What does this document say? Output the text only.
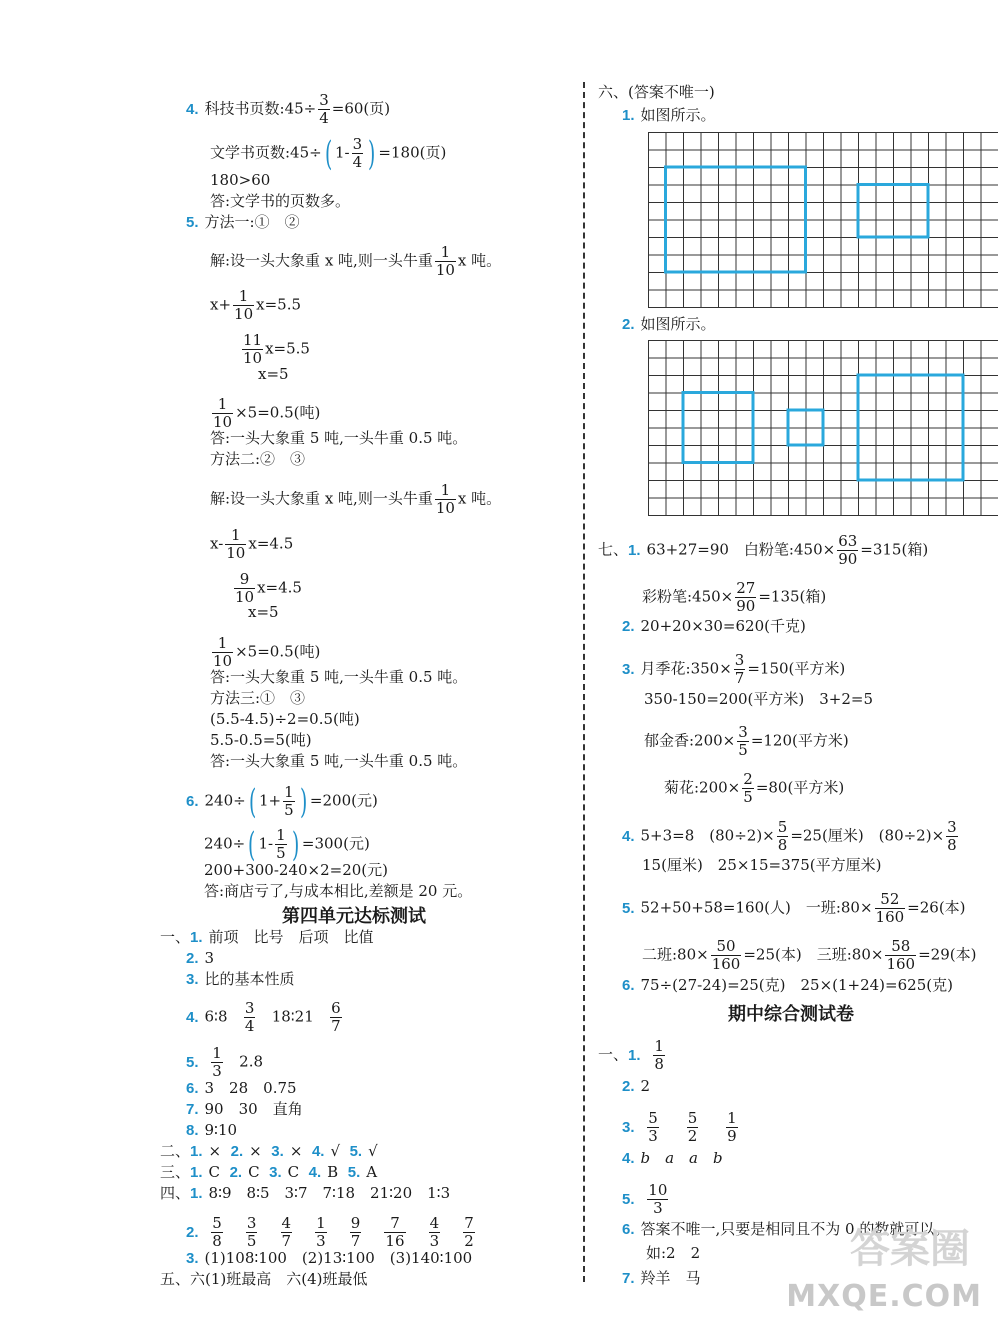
4. 科技书页数:45÷ $\frac{3}{4} =60$(页)
文学书页数:45÷( $1- \frac{3}{4}$ ) =180(页)
180>60
答:文学书的页数多。
5. 方法一:①　②
解:设一头大象重 x 吨,则一头牛重 $\frac{1}{10}$ x 吨。
$x+ \frac{1}{10} x=5.5$
$\frac{11}{10} x=5.5$
x=5
$\frac{1}{10} \times 5=0.5$(吨)
答:一头大象重 5 吨,一头牛重 0.5 吨。
方法二:②　③
解:设一头大象重 x 吨,则一头牛重 $\frac{1}{10}$ x 吨。
$x- \frac{1}{10} x=4.5$
$\frac{9}{10} x=4.5$
x=5
$\frac{1}{10} \times 5=0.5$(吨)
答:一头大象重 5 吨,一头牛重 0.5 吨。
方法三:①　③
(5.5-4.5)÷2=0.5(吨)
5.5-0.5=5(吨)
答:一头大象重 5 吨,一头牛重 0.5 吨。
6. 240÷( $1+ \frac{1}{5}$ ) =200(元)
240÷( $1- \frac{1}{5}$ ) =300(元)
200+300-240×2=20(元)
答:商店亏了,与成本相比,差额是 20 元。
第四单元达标测试
一、1. 前项　比号　后项　比值
2. 3
3. 比的基本性质
4. 6∶8 $\frac{3}{4}$ 18∶21 $\frac{6}{7}$
5. $\frac{1}{3} 2.8$
6. 3　28　0.75
7. 90　30　直角
8. 9∶10
二、1. × 2. × 3. × 4. √ 5. √
三、1. C 2. C 3. C 4. B 5. A
四、1. 8∶9　8∶5　3∶7　7∶18　21∶20　1∶3
2. $\frac{5}{8}$
$\frac{3}{5}$
$\frac{4}{7}$
$\frac{1}{3}$
$\frac{9}{7}$
$\frac{7}{16}$
$\frac{4}{3}$
$\frac{7}{2}$
3. (1)108∶100　(2)13∶100　(3)140∶100
五、六(1)班最高　六(4)班最低
六、(答案不唯一)
1. 如图所示。
2. 如图所示。
七、1. 63+27=90　白粉笔:450× $\frac{63}{90} =315$(箱)
彩粉笔:450× $\frac{27}{90} =135$(箱)
2. 20+20×30=620(千克)
3. 月季花:350× $\frac{3}{7} =150$(平方米)
350-150=200(平方米)　3+2=5
郁金香:200× $\frac{3}{5} =120$(平方米)
菊花:200× $\frac{2}{5} =80$(平方米)
4. 5+3=8　$(80\div 2)\times \frac{5}{8} =25$(厘米)　$(80\div 2)\times \frac{3}{8}$
15(厘米)　25×15=375(平方厘米)
5. 52+50+58=160(人)　一班:80× $\frac{52}{160} =26$(本)
二班:80× $\frac{50}{160} =25$(本)　三班:80× $\frac{58}{160} =29$(本)
6. 75÷(27-24)=25(克)　25×(1+24)=625(克)
期中综合测试卷
一、1. $\frac{1}{8}$
2. 2
3. $\frac{5}{3}$
$\frac{5}{2}$
$\frac{1}{9}$
4. b　a　a　b
5. $\frac{10}{3}$
6. 答案不唯一,只要是相同且不为 0 的数就可以。
如:2　2
7. 羚羊　马
答案圈
MXQE.COM
